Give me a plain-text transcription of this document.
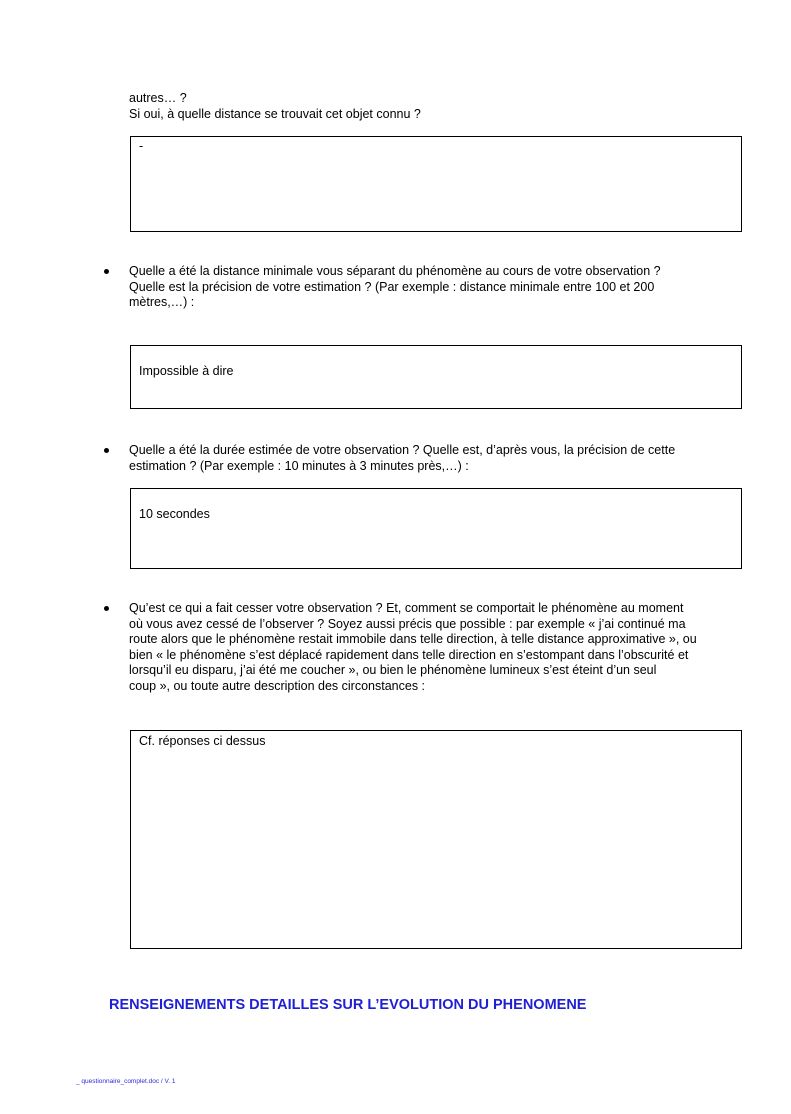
autres… ?
Si oui, à quelle distance se trouvait cet objet connu ?
-
Quelle a été la distance minimale vous séparant du phénomène au cours de votre observation ?
Quelle est la précision de votre estimation ? (Par exemple : distance minimale entre 100 et 200
mètres,…) :
Impossible à dire
Quelle a été la durée estimée de votre observation ? Quelle est, d’après vous, la précision de cette
estimation ? (Par exemple : 10 minutes à 3 minutes près,…) :
10 secondes
Qu’est ce qui a fait cesser votre observation ? Et, comment se comportait le phénomène au moment
où vous avez cessé de l’observer ? Soyez aussi précis que possible : par exemple « j’ai continué ma
route alors que le phénomène restait immobile dans telle direction, à telle distance approximative », ou
bien « le phénomène s’est déplacé rapidement dans telle direction en s’estompant dans l’obscurité et
lorsqu’il eu disparu, j’ai été me coucher », ou bien le phénomène lumineux s’est éteint d’un seul
coup », ou toute autre description des circonstances :
Cf. réponses ci dessus
RENSEIGNEMENTS DETAILLES SUR L’EVOLUTION DU PHENOMENE
_ questionnaire_complet.doc / V. 1
